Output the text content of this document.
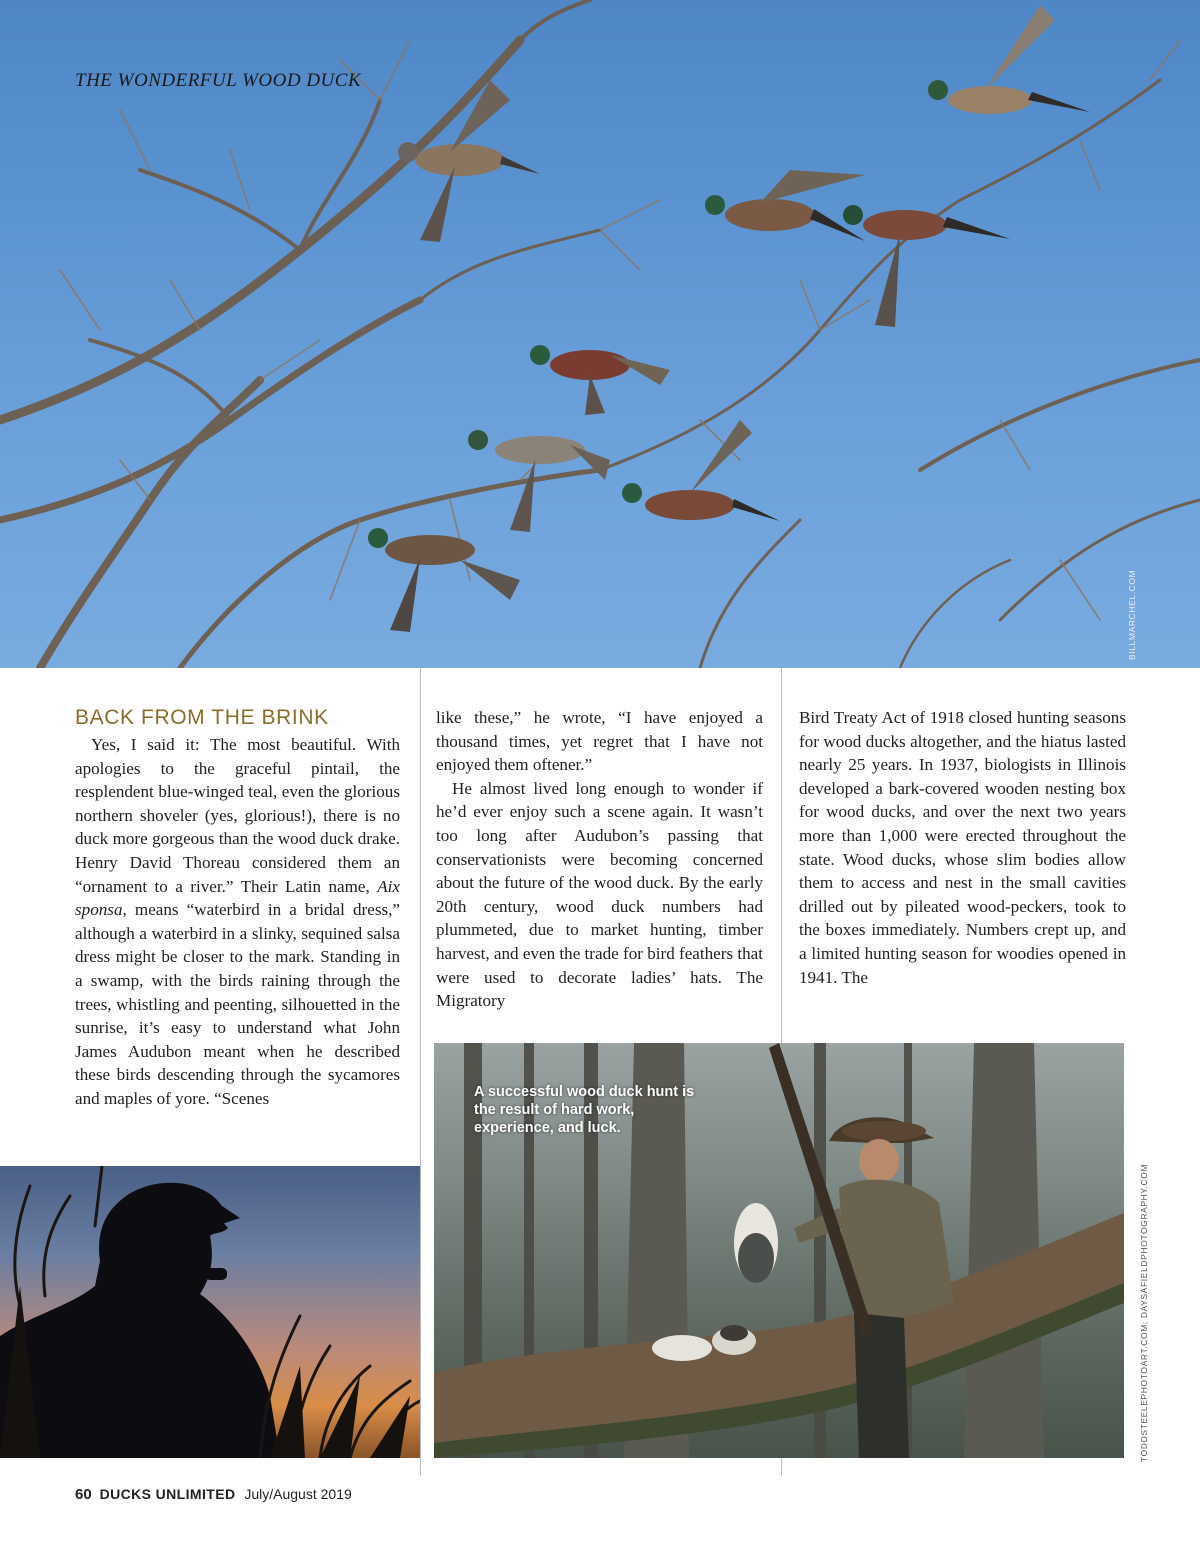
THE WONDERFUL WOOD DUCK

BILLMARCHEL.COM
BACK FROM THE BRINK

Yes, I said it: The most beautiful. With apologies to the graceful pintail, the resplendent blue-winged teal, even the glorious northern shoveler (yes, glorious!), there is no duck more gorgeous than the wood duck drake. Henry David Thoreau considered them an “ornament to a river.” Their Latin name, Aix sponsa, means “waterbird in a bridal dress,” although a waterbird in a slinky, sequined salsa dress might be closer to the mark. Standing in a swamp, with the birds raining through the trees, whistling and peenting, silhouetted in the sunrise, it’s easy to understand what John James Audubon meant when he described these birds descending through the sycamores and maples of yore. “Scenes

like these,” he wrote, “I have enjoyed a thousand times, yet regret that I have not enjoyed them oftener.”

He almost lived long enough to wonder if he’d ever enjoy such a scene again. It wasn’t too long after Audubon’s passing that conservationists were becoming concerned about the future of the wood duck. By the early 20th century, wood duck numbers had plummeted, due to market hunting, timber harvest, and even the trade for bird feathers that were used to decorate ladies’ hats. The Migratory

Bird Treaty Act of 1918 closed hunting seasons for wood ducks altogether, and the hiatus lasted nearly 25 years. In 1937, biologists in Illinois developed a bark-covered wooden nesting box for wood ducks, and over the next two years more than 1,000 were erected throughout the state. Wood ducks, whose slim bodies allow them to access and nest in the small cavities drilled out by pileated wood-peckers, took to the boxes immediately. Numbers crept up, and a limited hunting season for woodies opened in 1941. The

A successful wood duck hunt is the result of hard work, experience, and luck.

TODDSTEELEPHOTOART.COM; DAYSAFIELDPHOTOGRAPHY.COM
60 DUCKS UNLIMITED July/August 2019
